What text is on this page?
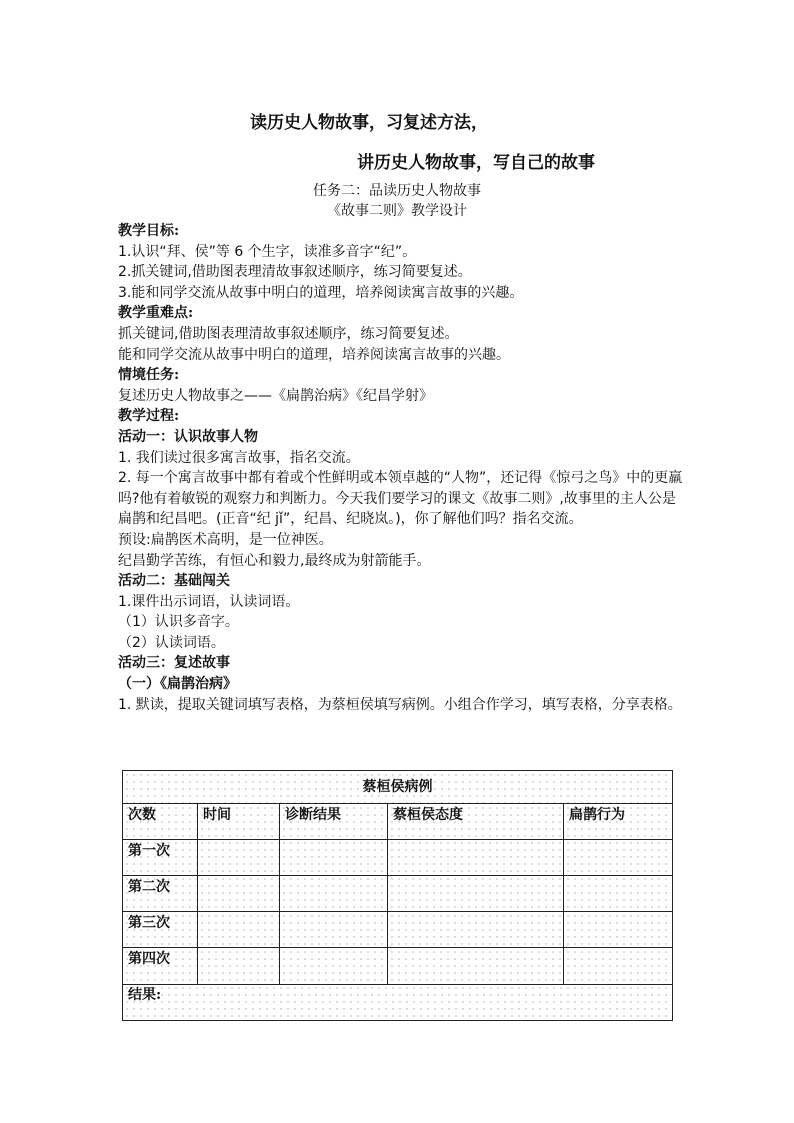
读历史人物故事，习复述方法，
讲历史人物故事，写自己的故事
任务二：品读历史人物故事
《故事二则》教学设计
教学目标:
1.认识“拜、侯”等 6 个生字，读准多音字“纪”。
2.抓关键词,借助图表理清故事叙述顺序，练习简要复述。
3.能和同学交流从故事中明白的道理，培养阅读寓言故事的兴趣。
教学重难点:
抓关键词,借助图表理清故事叙述顺序，练习简要复述。
能和同学交流从故事中明白的道理，培养阅读寓言故事的兴趣。
情境任务:
复述历史人物故事之——《扁鹊治病》《纪昌学射》
教学过程:
活动一：认识故事人物
1. 我们读过很多寓言故事，指名交流。
2. 每一个寓言故事中都有着或个性鲜明或本领卓越的“人物”，还记得《惊弓之鸟》中的更羸吗?他有着敏锐的观察力和判断力。今天我们要学习的课文《故事二则》,故事里的主人公是扁鹊和纪昌吧。(正音“纪 jǐ”，纪昌、纪晓岚。)，你了解他们吗？指名交流。
预设:扁鹊医术高明，是一位神医。
纪昌勤学苦练，有恒心和毅力,最终成为射箭能手。
活动二：基础闯关
1.课件出示词语，认读词语。
（1）认识多音字。
（2）认读词语。
活动三：复述故事
（一）《扁鹊治病》
1. 默读，提取关键词填写表格，为蔡桓侯填写病例。小组合作学习，填写表格，分享表格。
蔡桓侯病例				
次数	时间	诊断结果	蔡桓侯态度	扁鹊行为
第一次				
第二次				
第三次				
第四次				
结果:				
